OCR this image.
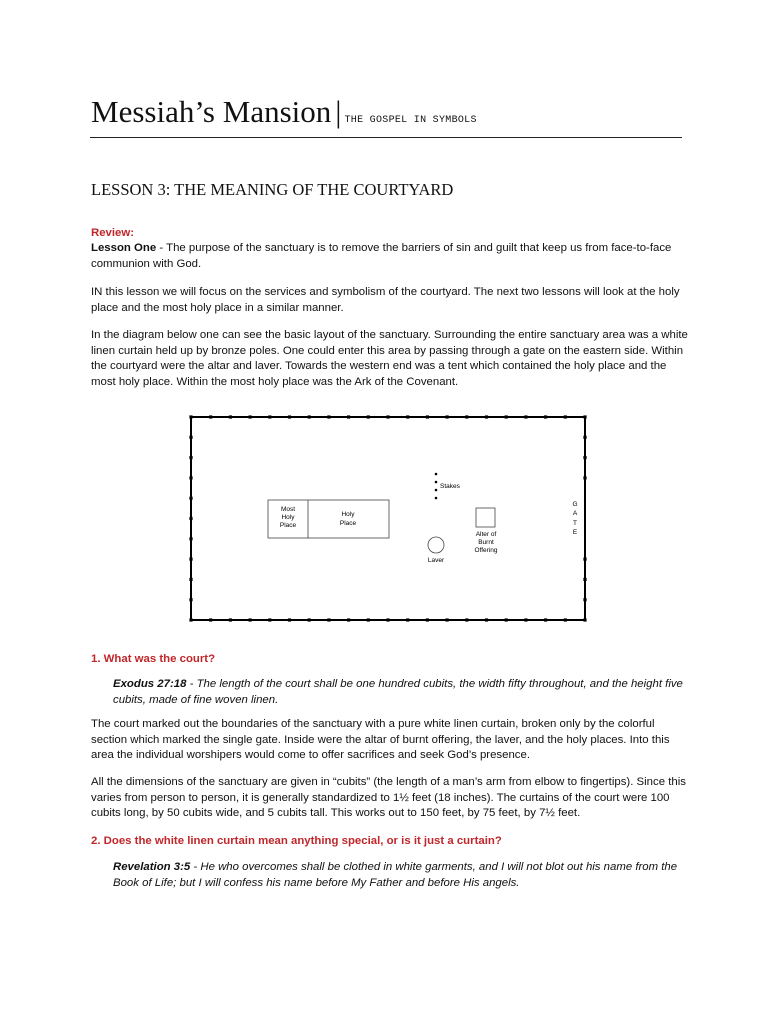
Messiah’s Mansion | THE GOSPEL IN SYMBOLS
LESSON 3: THE MEANING OF THE COURTYARD

Review:

Lesson One - The purpose of the sanctuary is to remove the barriers of sin and guilt that keep us from face-to-face communion with God.

IN this lesson we will focus on the services and symbolism of the courtyard. The next two lessons will look at the holy place and the most holy place in a similar manner.

In the diagram below one can see the basic layout of the sanctuary. Surrounding the entire sanctuary area was a white linen curtain held up by bronze poles. One could enter this area by passing through a gate on the eastern side. Within the courtyard were the altar and laver. Towards the western end was a tent which contained the holy place and the most holy place. Within the most holy place was the Ark of the Covenant.

Most
Holy
Place
Holy
Place
Stakes
Alter of
Burnt
Offering
Laver
G
A
T
E

1. What was the court?

Exodus 27:18 - The length of the court shall be one hundred cubits, the width fifty throughout, and the height five cubits, made of fine woven linen.

The court marked out the boundaries of the sanctuary with a pure white linen curtain, broken only by the colorful section which marked the single gate. Inside were the altar of burnt offering, the laver, and the holy places. Into this area the individual worshipers would come to offer sacrifices and seek God’s presence.

All the dimensions of the sanctuary are given in “cubits” (the length of a man’s arm from elbow to fingertips). Since this varies from person to person, it is generally standardized to 1½ feet (18 inches). The curtains of the court were 100 cubits long, by 50 cubits wide, and 5 cubits tall. This works out to 150 feet, by 75 feet, by 7½ feet.

2. Does the white linen curtain mean anything special, or is it just a curtain?

Revelation 3:5 - He who overcomes shall be clothed in white garments, and I will not blot out his name from the Book of Life; but I will confess his name before My Father and before His angels.
